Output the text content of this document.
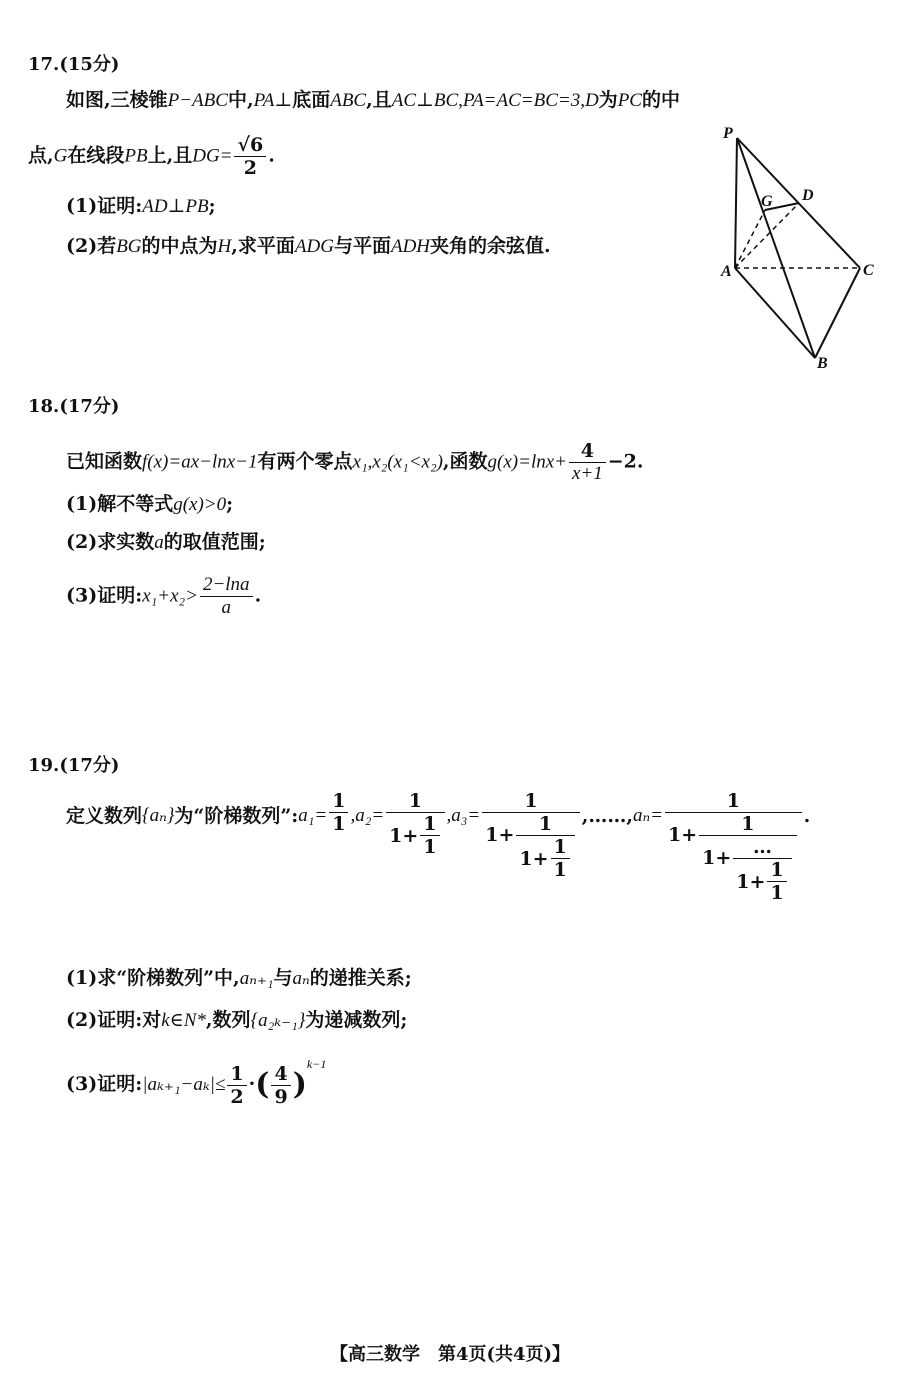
17.(15分)
如图,三棱锥P−ABC中,PA⊥底面ABC,且AC⊥BC,PA=AC=BC=3,D为PC的中
点,G在线段PB上,且$DG= \frac{√6}{2}$ .
(1)证明:AD⊥PB;
(2)若BG的中点为H,求平面ADG与平面ADH夹角的余弦值.
P
G D
A	C
B
18.(17分)
已知函数f(x)=ax−lnx−1有两个零点x₁,x₂(x₁<x₂),函数$g(x)=\ln x+ \frac{4}{x+1} -2$.
(1)解不等式g(x)>0;
(2)求实数a的取值范围;
(3)证明:x₁+x₂> $\frac{2-\ln a}{a}$ .
19.(17分)
定义数列 {aₙ} 为“阶梯数列”: $a_1= \frac{1}{1} ,a_2= \frac{1}{1+ \frac{1}{1}} ,a_3=$
1
$1+ \frac{1}{1+ \frac{1}{1}}$ ,……, aₙ=
1
1+	1
$1+ \frac{\dots}{1+ \frac{1}{1}}$
.
(1)求“阶梯数列”中,aₙ₊₁与aₙ的递推关系;
(2)证明:对k∈N*,数列{a₂ₖ₋₁}为递减数列;
(3)证明:|aₖ₊₁−aₖ|≤ $\frac{1}{2}$ ·( $\frac{4}{9} )^{k-1}$
【高三数学　第4页(共4页)】
